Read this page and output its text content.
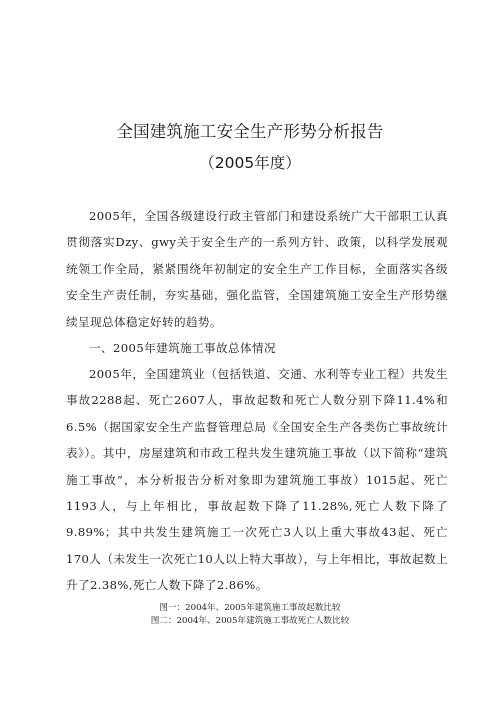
全国建筑施工安全生产形势分析报告
（2005年度）

2005年，全国各级建设行政主管部门和建设系统广大干部职工认真贯彻落实Dzy、gwy关于安全生产的一系列方针、政策，以科学发展观统领工作全局，紧紧围绕年初制定的安全生产工作目标，全面落实各级安全生产责任制，夯实基础，强化监管，全国建筑施工安全生产形势继续呈现总体稳定好转的趋势。

一、2005年建筑施工事故总体情况

2005年，全国建筑业（包括铁道、交通、水利等专业工程）共发生事故2288起、死亡2607人，事故起数和死亡人数分别下降11.4%和6.5%（据国家安全生产监督管理总局《全国安全生产各类伤亡事故统计表》）。其中，房屋建筑和市政工程共发生建筑施工事故（以下简称“建筑施工事故”，本分析报告分析对象即为建筑施工事故）1015起、死亡1193人，与上年相比，事故起数下降了11.28%,死亡人数下降了9.89%；其中共发生建筑施工一次死亡3人以上重大事故43起、死亡170人（未发生一次死亡10人以上特大事故），与上年相比，事故起数上升了2.38%,死亡人数下降了2.86%。

图一：2004年、2005年建筑施工事故起数比较
图二：2004年、2005年建筑施工事故死亡人数比较
